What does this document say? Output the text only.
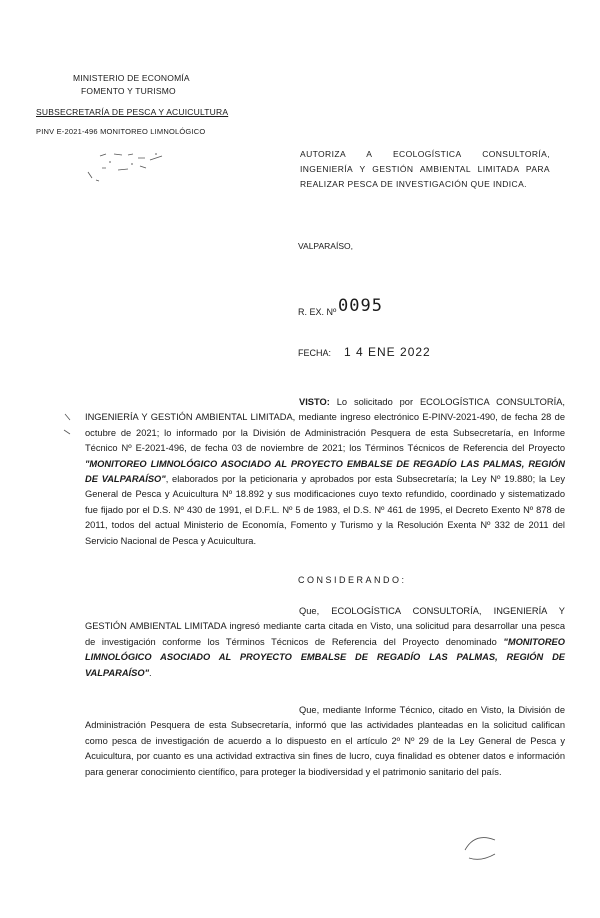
MINISTERIO DE ECONOMÍA
FOMENTO Y TURISMO
SUBSECRETARÍA DE PESCA Y ACUICULTURA
PINV E-2021-496 MONITOREO LIMNOLÓGICO
AUTORIZA A ECOLOGÍSTICA CONSULTORÍA, INGENIERÍA Y GESTIÓN AMBIENTAL LIMITADA PARA REALIZAR PESCA DE INVESTIGACIÓN QUE INDICA.
VALPARAÍSO,
R. EX. Nº 0095
FECHA: 1 4 ENE 2022
VISTO: Lo solicitado por ECOLOGÍSTICA CONSULTORÍA, INGENIERÍA Y GESTIÓN AMBIENTAL LIMITADA, mediante ingreso electrónico E-PINV-2021-490, de fecha 28 de octubre de 2021; lo informado por la División de Administración Pesquera de esta Subsecretaría, en Informe Técnico Nº E-2021-496, de fecha 03 de noviembre de 2021; los Términos Técnicos de Referencia del Proyecto "MONITOREO LIMNOLÓGICO ASOCIADO AL PROYECTO EMBALSE DE REGADÍO LAS PALMAS, REGIÓN DE VALPARAÍSO", elaborados por la peticionaria y aprobados por esta Subsecretaría; la Ley Nº 19.880; la Ley General de Pesca y Acuicultura Nº 18.892 y sus modificaciones cuyo texto refundido, coordinado y sistematizado fue fijado por el D.S. Nº 430 de 1991, el D.F.L. Nº 5 de 1983, el D.S. Nº 461 de 1995, el Decreto Exento Nº 878 de 2011, todos del actual Ministerio de Economía, Fomento y Turismo y la Resolución Exenta Nº 332 de 2011 del Servicio Nacional de Pesca y Acuicultura.
CONSIDERANDO:
Que, ECOLOGÍSTICA CONSULTORÍA, INGENIERÍA Y GESTIÓN AMBIENTAL LIMITADA ingresó mediante carta citada en Visto, una solicitud para desarrollar una pesca de investigación conforme los Términos Técnicos de Referencia del Proyecto denominado "MONITOREO LIMNOLÓGICO ASOCIADO AL PROYECTO EMBALSE DE REGADÍO LAS PALMAS, REGIÓN DE VALPARAÍSO".
Que, mediante Informe Técnico, citado en Visto, la División de Administración Pesquera de esta Subsecretaría, informó que las actividades planteadas en la solicitud califican como pesca de investigación de acuerdo a lo dispuesto en el artículo 2º Nº 29 de la Ley General de Pesca y Acuicultura, por cuanto es una actividad extractiva sin fines de lucro, cuya finalidad es obtener datos e información para generar conocimiento científico, para proteger la biodiversidad y el patrimonio sanitario del país.
